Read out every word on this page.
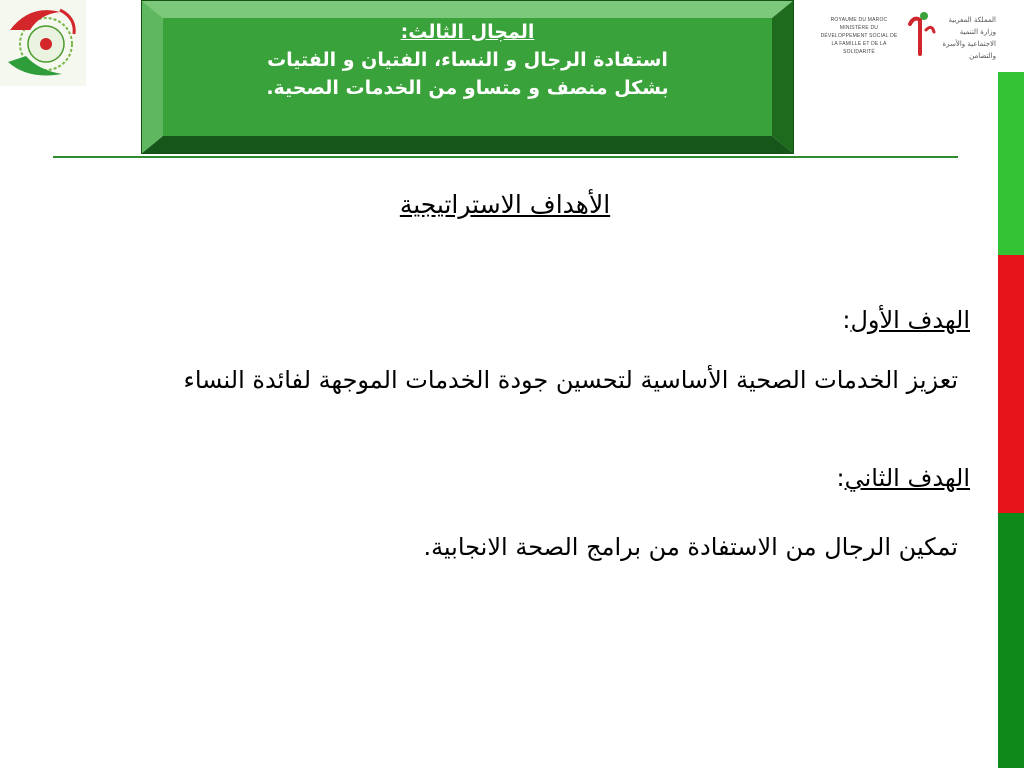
ROYAUME DU MAROC MINISTÈRE DU DÉVELOPPEMENT SOCIAL DE LA FAMILLE ET DE LA SOLIDARITÉ
المملكة المغربية وزارة التنمية الاجتماعية والأسرة والتضامن
المجال الثالث:
استفادة الرجال و النساء، الفتيان و الفتيات
بشكل منصف و متساو من الخدمات الصحية.
الأهداف الاستراتيجية
الهدف الأول:
تعزيز الخدمات الصحية الأساسية لتحسين جودة الخدمات الموجهة لفائدة النساء
الهدف الثاني:
تمكين الرجال من الاستفادة من برامج الصحة الانجابية.
